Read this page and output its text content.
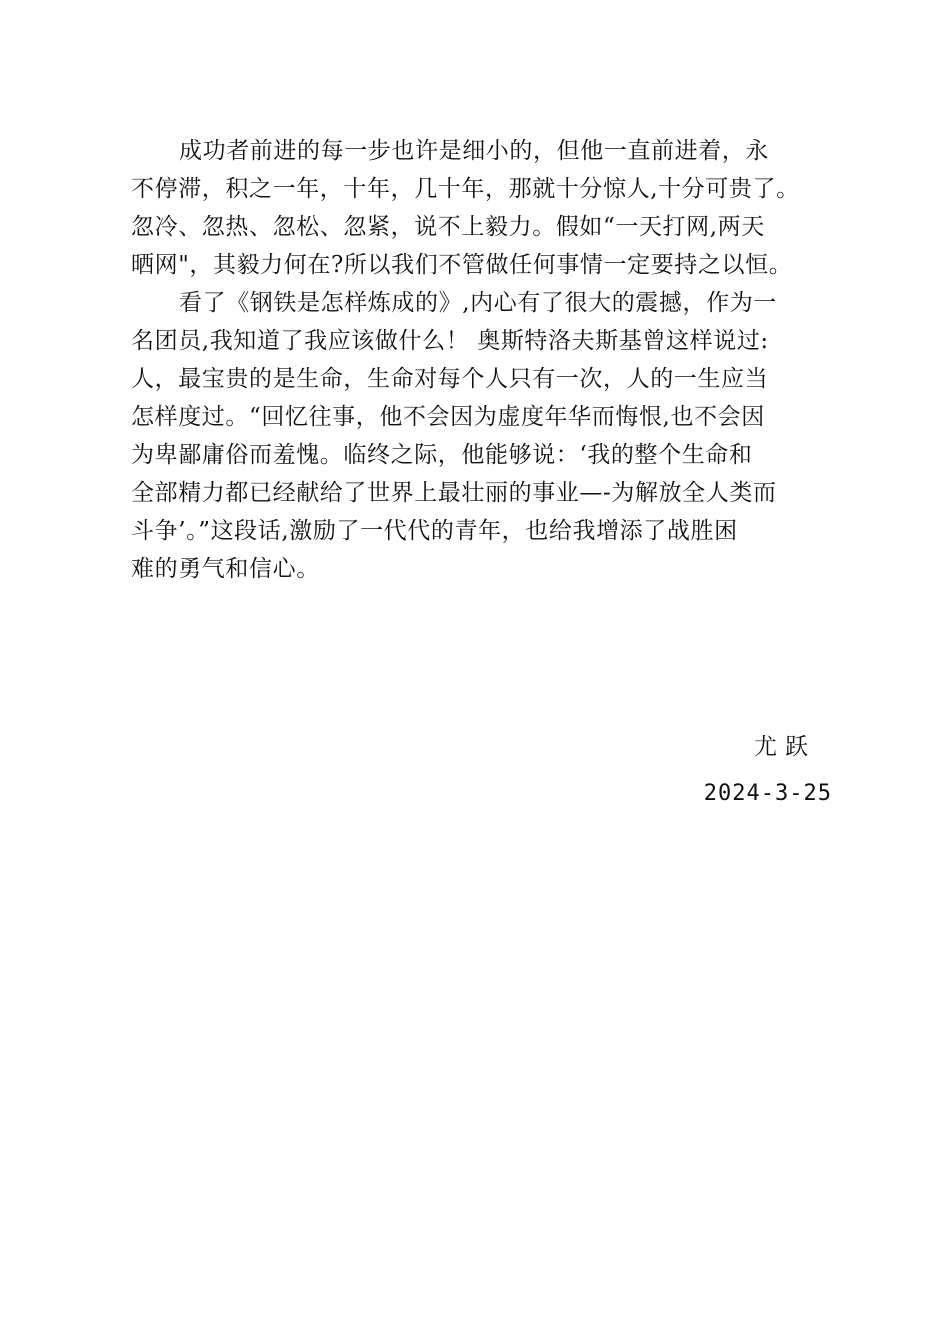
成功者前进的每一步也许是细小的，但他一直前进着，永
不停滞，积之一年，十年，几十年，那就十分惊人,十分可贵了。
忽冷、忽热、忽松、忽紧，说不上毅力。假如“一天打网,两天
晒网"，其毅力何在?所以我们不管做任何事情一定要持之以恒。
看了《钢铁是怎样炼成的》,内心有了很大的震撼，作为一
名团员,我知道了我应该做什么！ 奥斯特洛夫斯基曾这样说过:
人，最宝贵的是生命，生命对每个人只有一次，人的一生应当
怎样度过。“回忆往事，他不会因为虚度年华而悔恨,也不会因
为卑鄙庸俗而羞愧。临终之际，他能够说：‘我的整个生命和
全部精力都已经献给了世界上最壮丽的事业—-为解放全人类而
斗争’。”这段话,激励了一代代的青年，也给我增添了战胜困
难的勇气和信心。
尤跃
2024-3-25
